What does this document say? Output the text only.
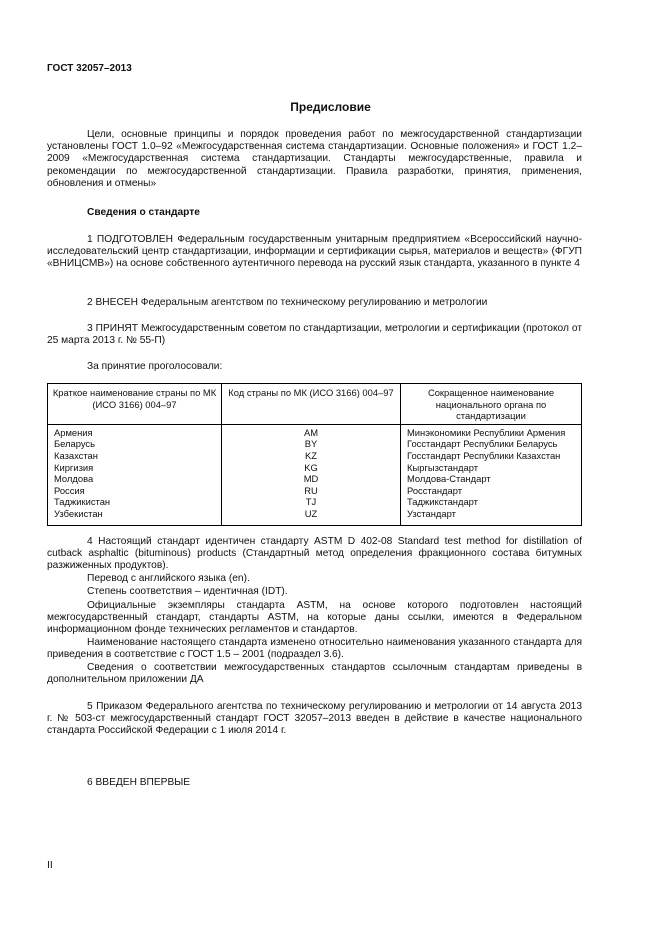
ГОСТ 32057–2013
Предисловие

Цели, основные принципы и порядок проведения работ по межгосударственной стандартизации установлены ГОСТ 1.0–92 «Межгосударственная система стандартизации. Основные положения» и ГОСТ 1.2–2009 «Межгосударственная система стандартизации. Стандарты межгосударственные, правила и рекомендации по межгосударственной стандартизации. Правила разработки, принятия, применения, обновления и отмены»

Сведения о стандарте

1 ПОДГОТОВЛЕН Федеральным государственным унитарным предприятием «Всероссийский научно-исследовательский центр стандартизации, информации и сертификации сырья, материалов и веществ» (ФГУП «ВНИЦСМВ») на основе собственного аутентичного перевода на русский язык стандарта, указанного в пункте 4

2 ВНЕСЕН Федеральным агентством по техническому регулированию и метрологии

3 ПРИНЯТ Межгосударственным советом по стандартизации, метрологии и сертификации (протокол от 25 марта 2013 г. № 55-П)

За принятие проголосовали:

Краткое наименование страны по МК (ИСО 3166) 004–97	Код страны по МК (ИСО 3166) 004–97	Сокращенное наименование национального органа по стандартизации
Армения	AM	Минэкономики Республики Армения
Беларусь	BY	Госстандарт Республики Беларусь
Казахстан	KZ	Госстандарт Республики Казахстан
Киргизия	KG	Кыргызстандарт
Молдова	MD	Молдова-Стандарт
Россия	RU	Росстандарт
Таджикистан	TJ	Таджикстандарт
Узбекистан	UZ	Узстандарт

4 Настоящий стандарт идентичен стандарту ASTM D 402-08 Standard test method for distillation of cutback asphaltic (bituminous) products (Стандартный метод определения фракционного состава битумных разжиженных продуктов).

Перевод с английского языка (en).

Степень соответствия – идентичная (IDT).

Официальные экземпляры стандарта ASTM, на основе которого подготовлен настоящий межгосударственный стандарт, стандарты ASTM, на которые даны ссылки, имеются в Федеральном информационном фонде технических регламентов и стандартов.

Наименование настоящего стандарта изменено относительно наименования указанного стандарта для приведения в соответствие с ГОСТ 1.5 – 2001 (подраздел 3.6).

Сведения о соответствии межгосударственных стандартов ссылочным стандартам приведены в дополнительном приложении ДА

5 Приказом Федерального агентства по техническому регулированию и метрологии от 14 августа 2013 г. № 503-ст межгосударственный стандарт ГОСТ 32057–2013 введен в действие в качестве национального стандарта Российской Федерации с 1 июля 2014 г.

6 ВВЕДЕН ВПЕРВЫЕ

II
